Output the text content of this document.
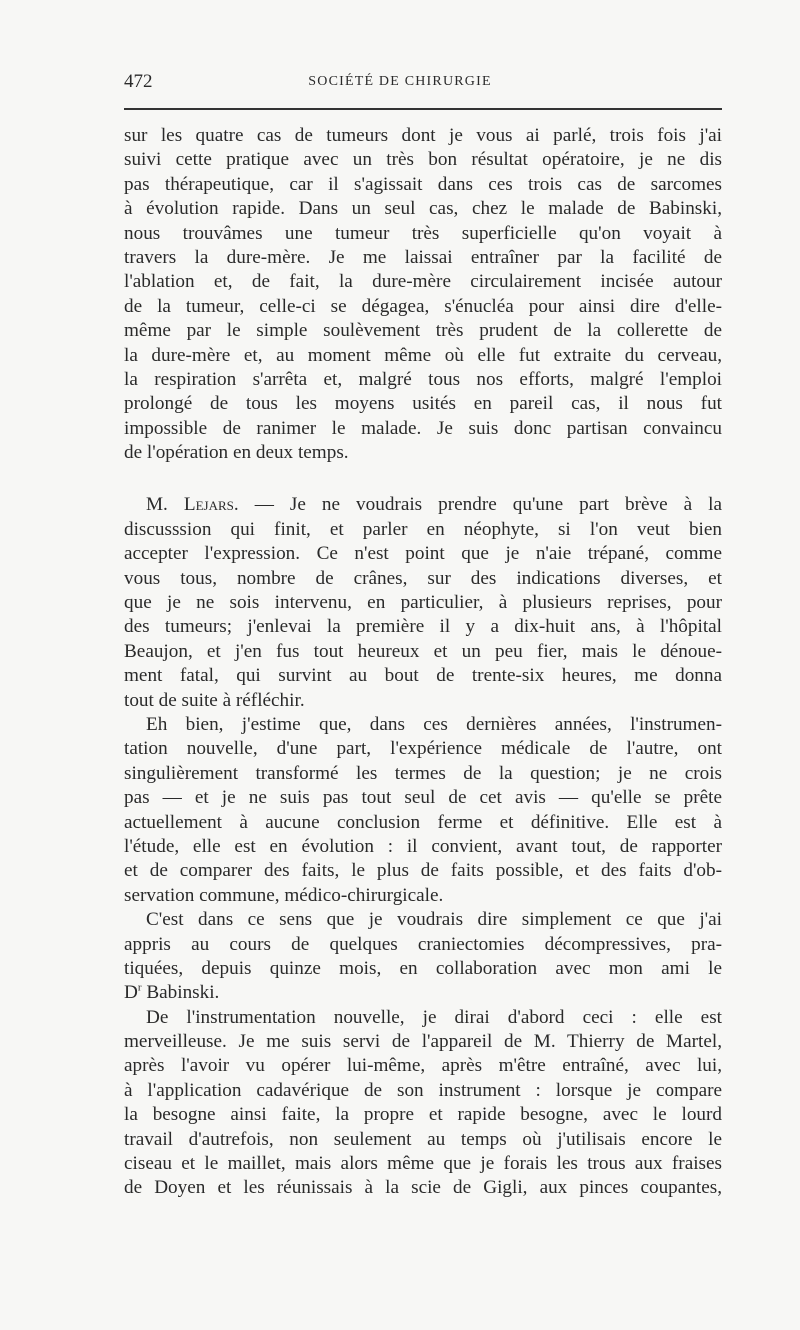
472	SOCIÉTÉ DE CHIRURGIE
sur les quatre cas de tumeurs dont je vous ai parlé, trois fois j'ai
suivi cette pratique avec un très bon résultat opératoire, je ne dis
pas thérapeutique, car il s'agissait dans ces trois cas de sarcomes
à évolution rapide. Dans un seul cas, chez le malade de Babinski,
nous trouvâmes une tumeur très superficielle qu'on voyait à
travers la dure-mère. Je me laissai entraîner par la facilité de
l'ablation et, de fait, la dure-mère circulairement incisée autour
de la tumeur, celle-ci se dégagea, s'énucléa pour ainsi dire d'elle-
même par le simple soulèvement très prudent de la collerette de
la dure-mère et, au moment même où elle fut extraite du cerveau,
la respiration s'arrêta et, malgré tous nos efforts, malgré l'emploi
prolongé de tous les moyens usités en pareil cas, il nous fut
impossible de ranimer le malade. Je suis donc partisan convaincu
de l'opération en deux temps.
M. Lejars. — Je ne voudrais prendre qu'une part brève à la
discusssion qui finit, et parler en néophyte, si l'on veut bien
accepter l'expression. Ce n'est point que je n'aie trépané, comme
vous tous, nombre de crânes, sur des indications diverses, et
que je ne sois intervenu, en particulier, à plusieurs reprises, pour
des tumeurs; j'enlevai la première il y a dix-huit ans, à l'hôpital
Beaujon, et j'en fus tout heureux et un peu fier, mais le dénoue-
ment fatal, qui survint au bout de trente-six heures, me donna
tout de suite à réfléchir.
Eh bien, j'estime que, dans ces dernières années, l'instrumen-
tation nouvelle, d'une part, l'expérience médicale de l'autre, ont
singulièrement transformé les termes de la question; je ne crois
pas — et je ne suis pas tout seul de cet avis — qu'elle se prête
actuellement à aucune conclusion ferme et définitive. Elle est à
l'étude, elle est en évolution : il convient, avant tout, de rapporter
et de comparer des faits, le plus de faits possible, et des faits d'ob-
servation commune, médico-chirurgicale.
C'est dans ce sens que je voudrais dire simplement ce que j'ai
appris au cours de quelques craniectomies décompressives, pra-
tiquées, depuis quinze mois, en collaboration avec mon ami le
$D^r$ Babinski.
De l'instrumentation nouvelle, je dirai d'abord ceci : elle est
merveilleuse. Je me suis servi de l'appareil de M. Thierry de Martel,
après l'avoir vu opérer lui-même, après m'être entraîné, avec lui,
à l'application cadavérique de son instrument : lorsque je compare
la besogne ainsi faite, la propre et rapide besogne, avec le lourd
travail d'autrefois, non seulement au temps où j'utilisais encore le
ciseau et le maillet, mais alors même que je forais les trous aux fraises
de Doyen et les réunissais à la scie de Gigli, aux pinces coupantes,
